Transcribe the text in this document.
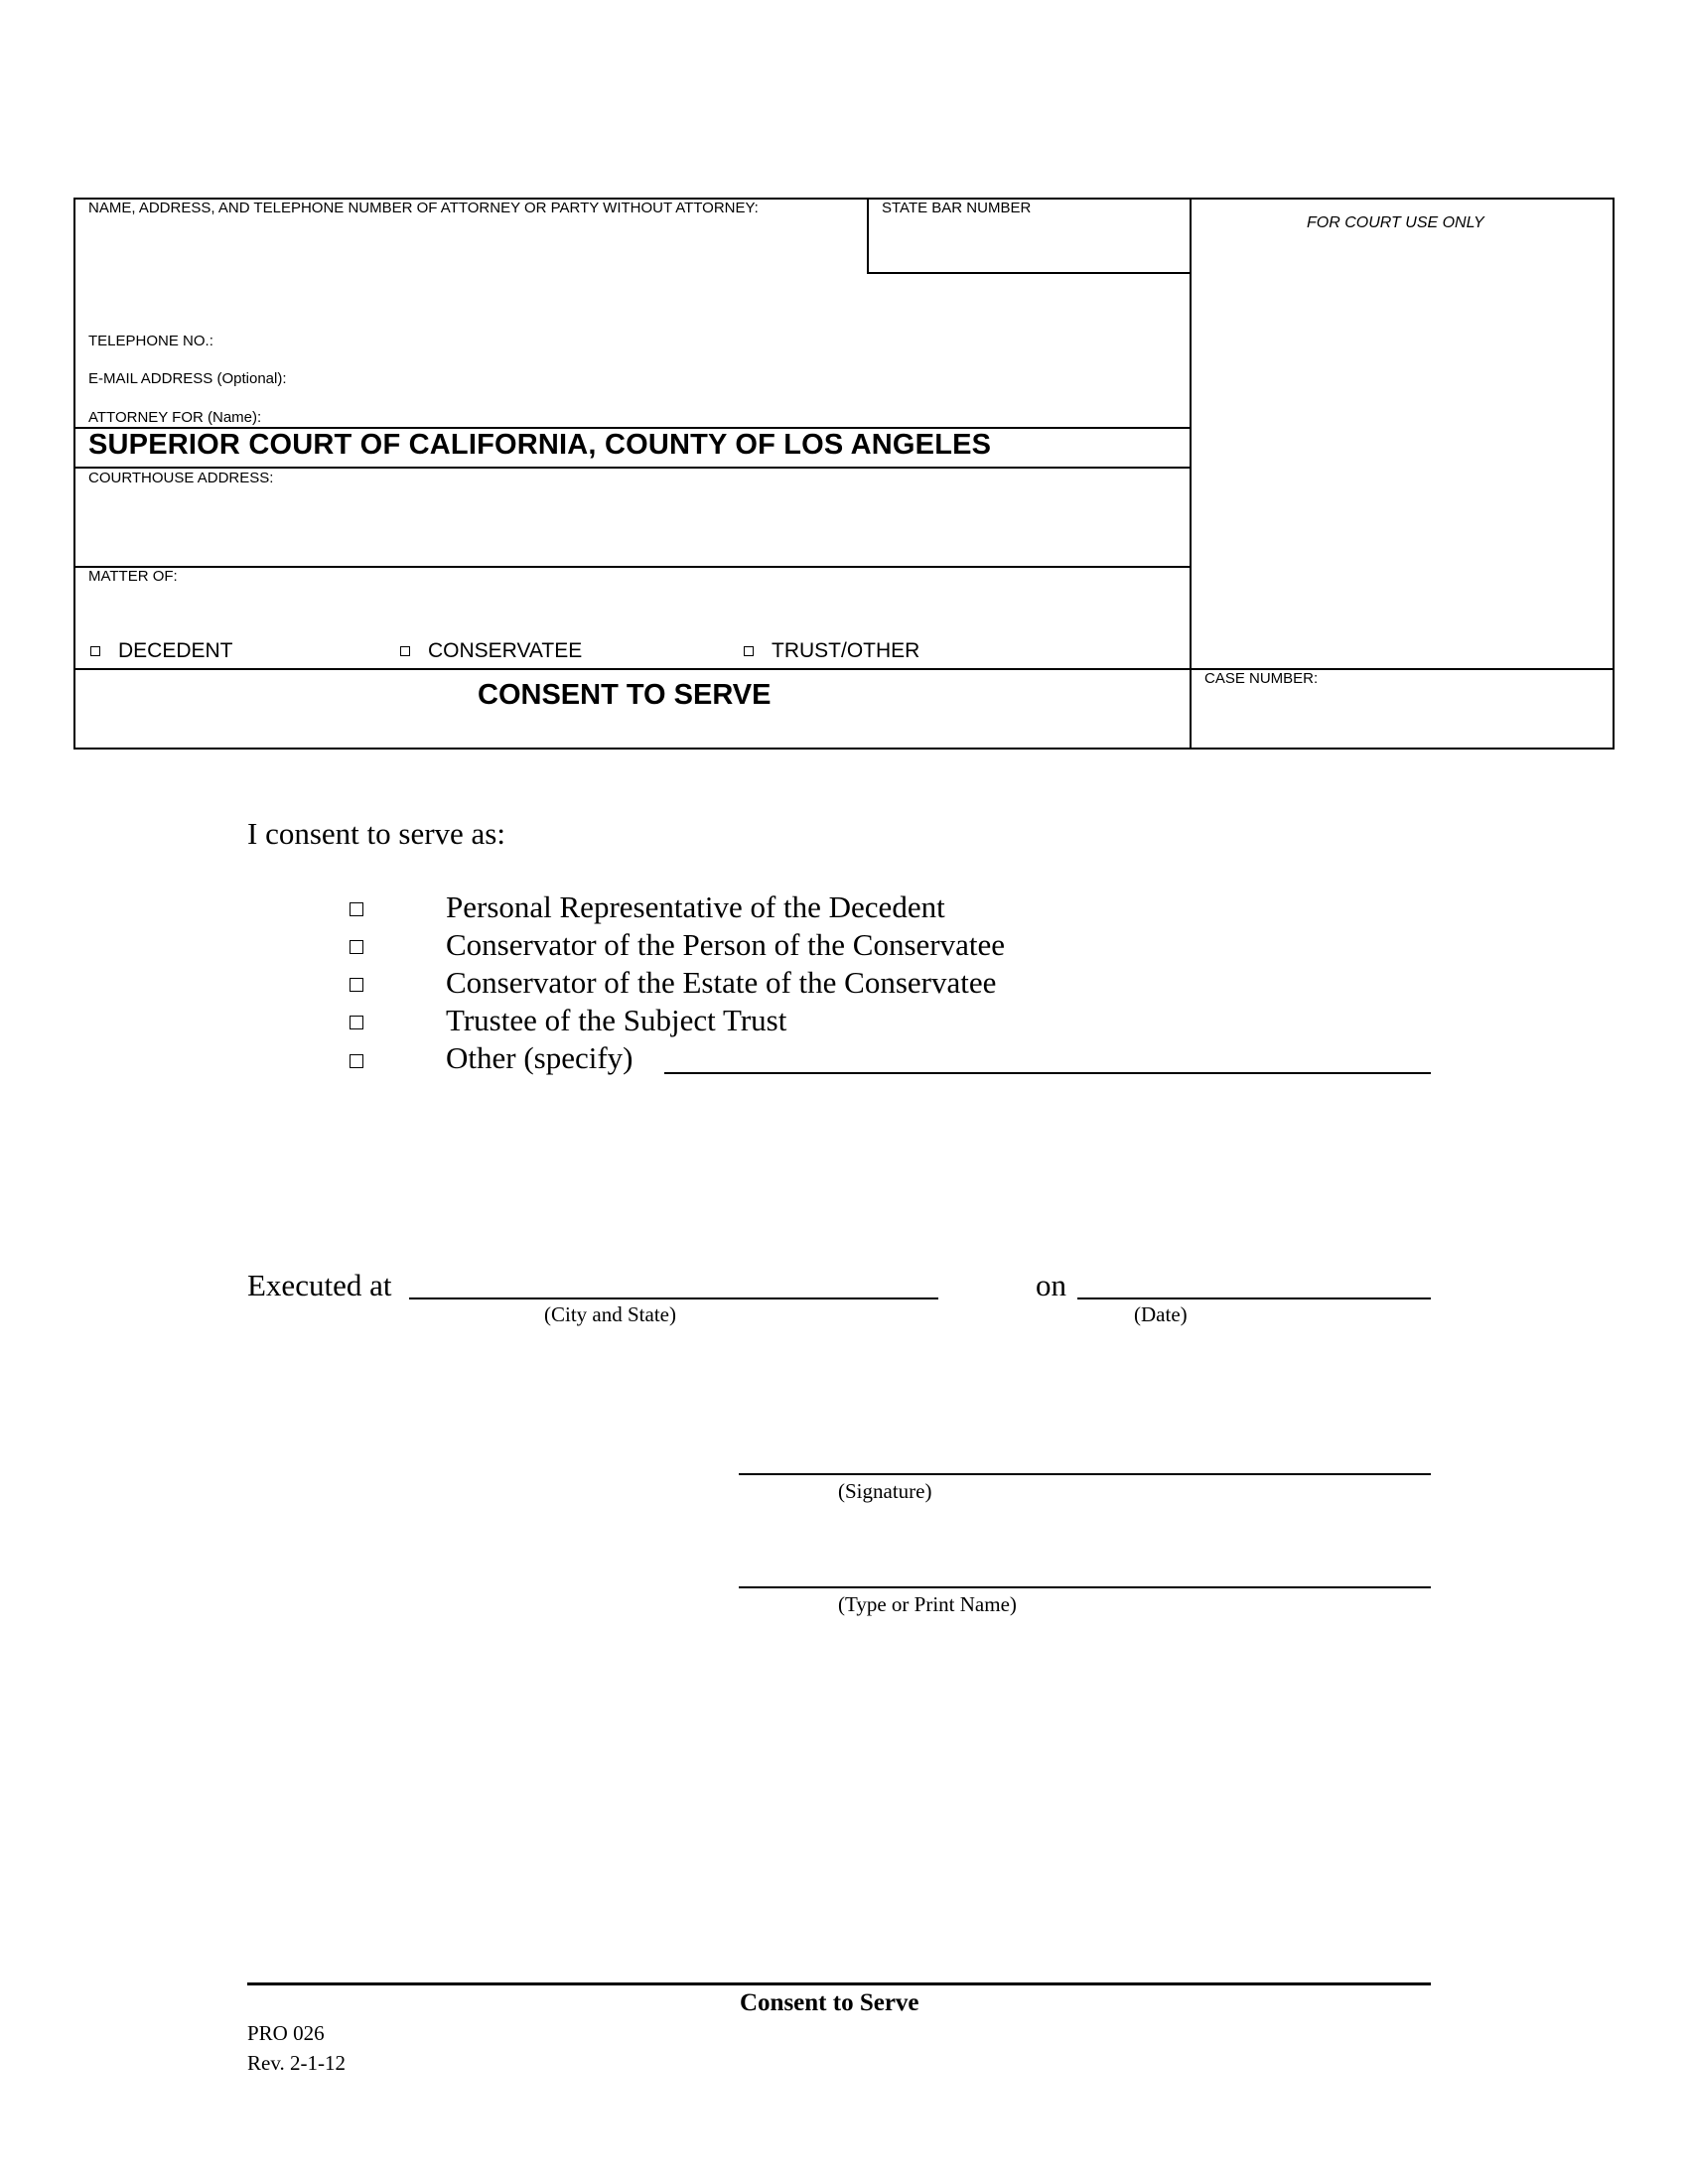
NAME, ADDRESS, AND TELEPHONE NUMBER OF ATTORNEY OR PARTY WITHOUT ATTORNEY:	STATE BAR NUMBER
FOR COURT USE ONLY
TELEPHONE NO.:
E-MAIL ADDRESS (Optional):
ATTORNEY FOR (Name):
SUPERIOR COURT OF CALIFORNIA, COUNTY OF LOS ANGELES
COURTHOUSE ADDRESS:
MATTER OF:
DECEDENT	CONSERVATEE	TRUST/OTHER
CONSENT TO SERVE
CASE NUMBER:
I consent to serve as:
Personal Representative of the Decedent
Conservator of the Person of the Conservatee
Conservator of the Estate of the Conservatee
Trustee of the Subject Trust
Other (specify)
Executed at
(City and State)
on
(Date)
(Signature)
(Type or Print Name)
Consent to Serve
PRO 026
Rev. 2-1-12
